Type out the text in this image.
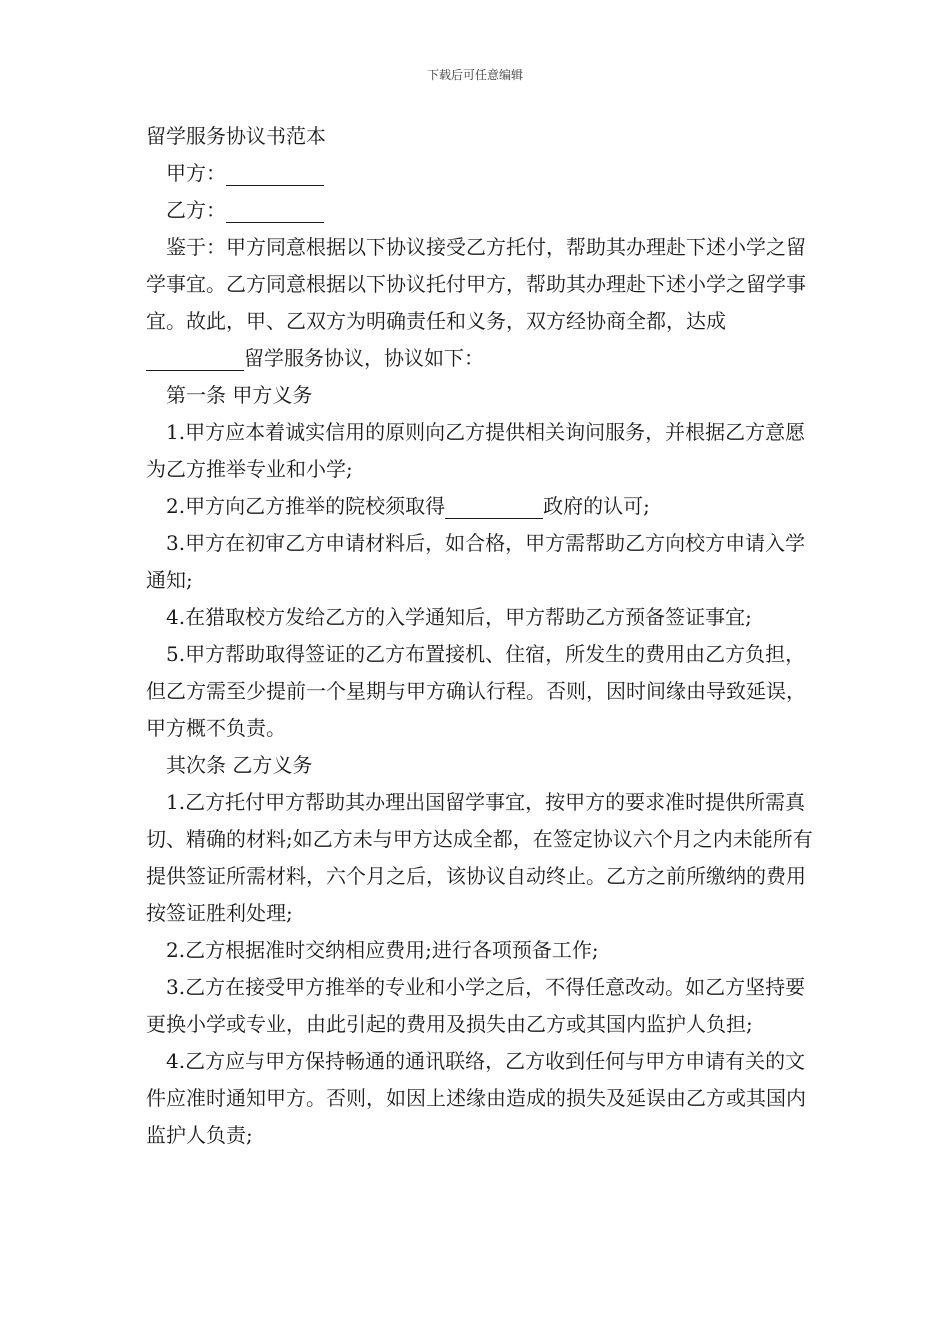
下载后可任意编辑

留学服务协议书范本

甲方：

乙方：

鉴于：甲方同意根据以下协议接受乙方托付，帮助其办理赴下述小学之留学事宜。乙方同意根据以下协议托付甲方，帮助其办理赴下述小学之留学事宜。故此，甲、乙双方为明确责任和义务，双方经协商全都，达成留学服务协议，协议如下：

第一条 甲方义务

1.甲方应本着诚实信用的原则向乙方提供相关询问服务，并根据乙方意愿为乙方推举专业和小学;

2.甲方向乙方推举的院校须取得	政府的认可;

3.甲方在初审乙方申请材料后，如合格，甲方需帮助乙方向校方申请入学通知;

4.在猎取校方发给乙方的入学通知后，甲方帮助乙方预备签证事宜;

5.甲方帮助取得签证的乙方布置接机、住宿，所发生的费用由乙方负担，但乙方需至少提前一个星期与甲方确认行程。否则，因时间缘由导致延误，甲方概不负责。

其次条 乙方义务

1.乙方托付甲方帮助其办理出国留学事宜，按甲方的要求准时提供所需真切、精确的材料;如乙方未与甲方达成全都，在签定协议六个月之内未能所有提供签证所需材料，六个月之后，该协议自动终止。乙方之前所缴纳的费用按签证胜利处理;

2.乙方根据准时交纳相应费用;进行各项预备工作;

3.乙方在接受甲方推举的专业和小学之后，不得任意改动。如乙方坚持要更换小学或专业，由此引起的费用及损失由乙方或其国内监护人负担;

4.乙方应与甲方保持畅通的通讯联络，乙方收到任何与甲方申请有关的文件应准时通知甲方。否则，如因上述缘由造成的损失及延误由乙方或其国内监护人负责;
